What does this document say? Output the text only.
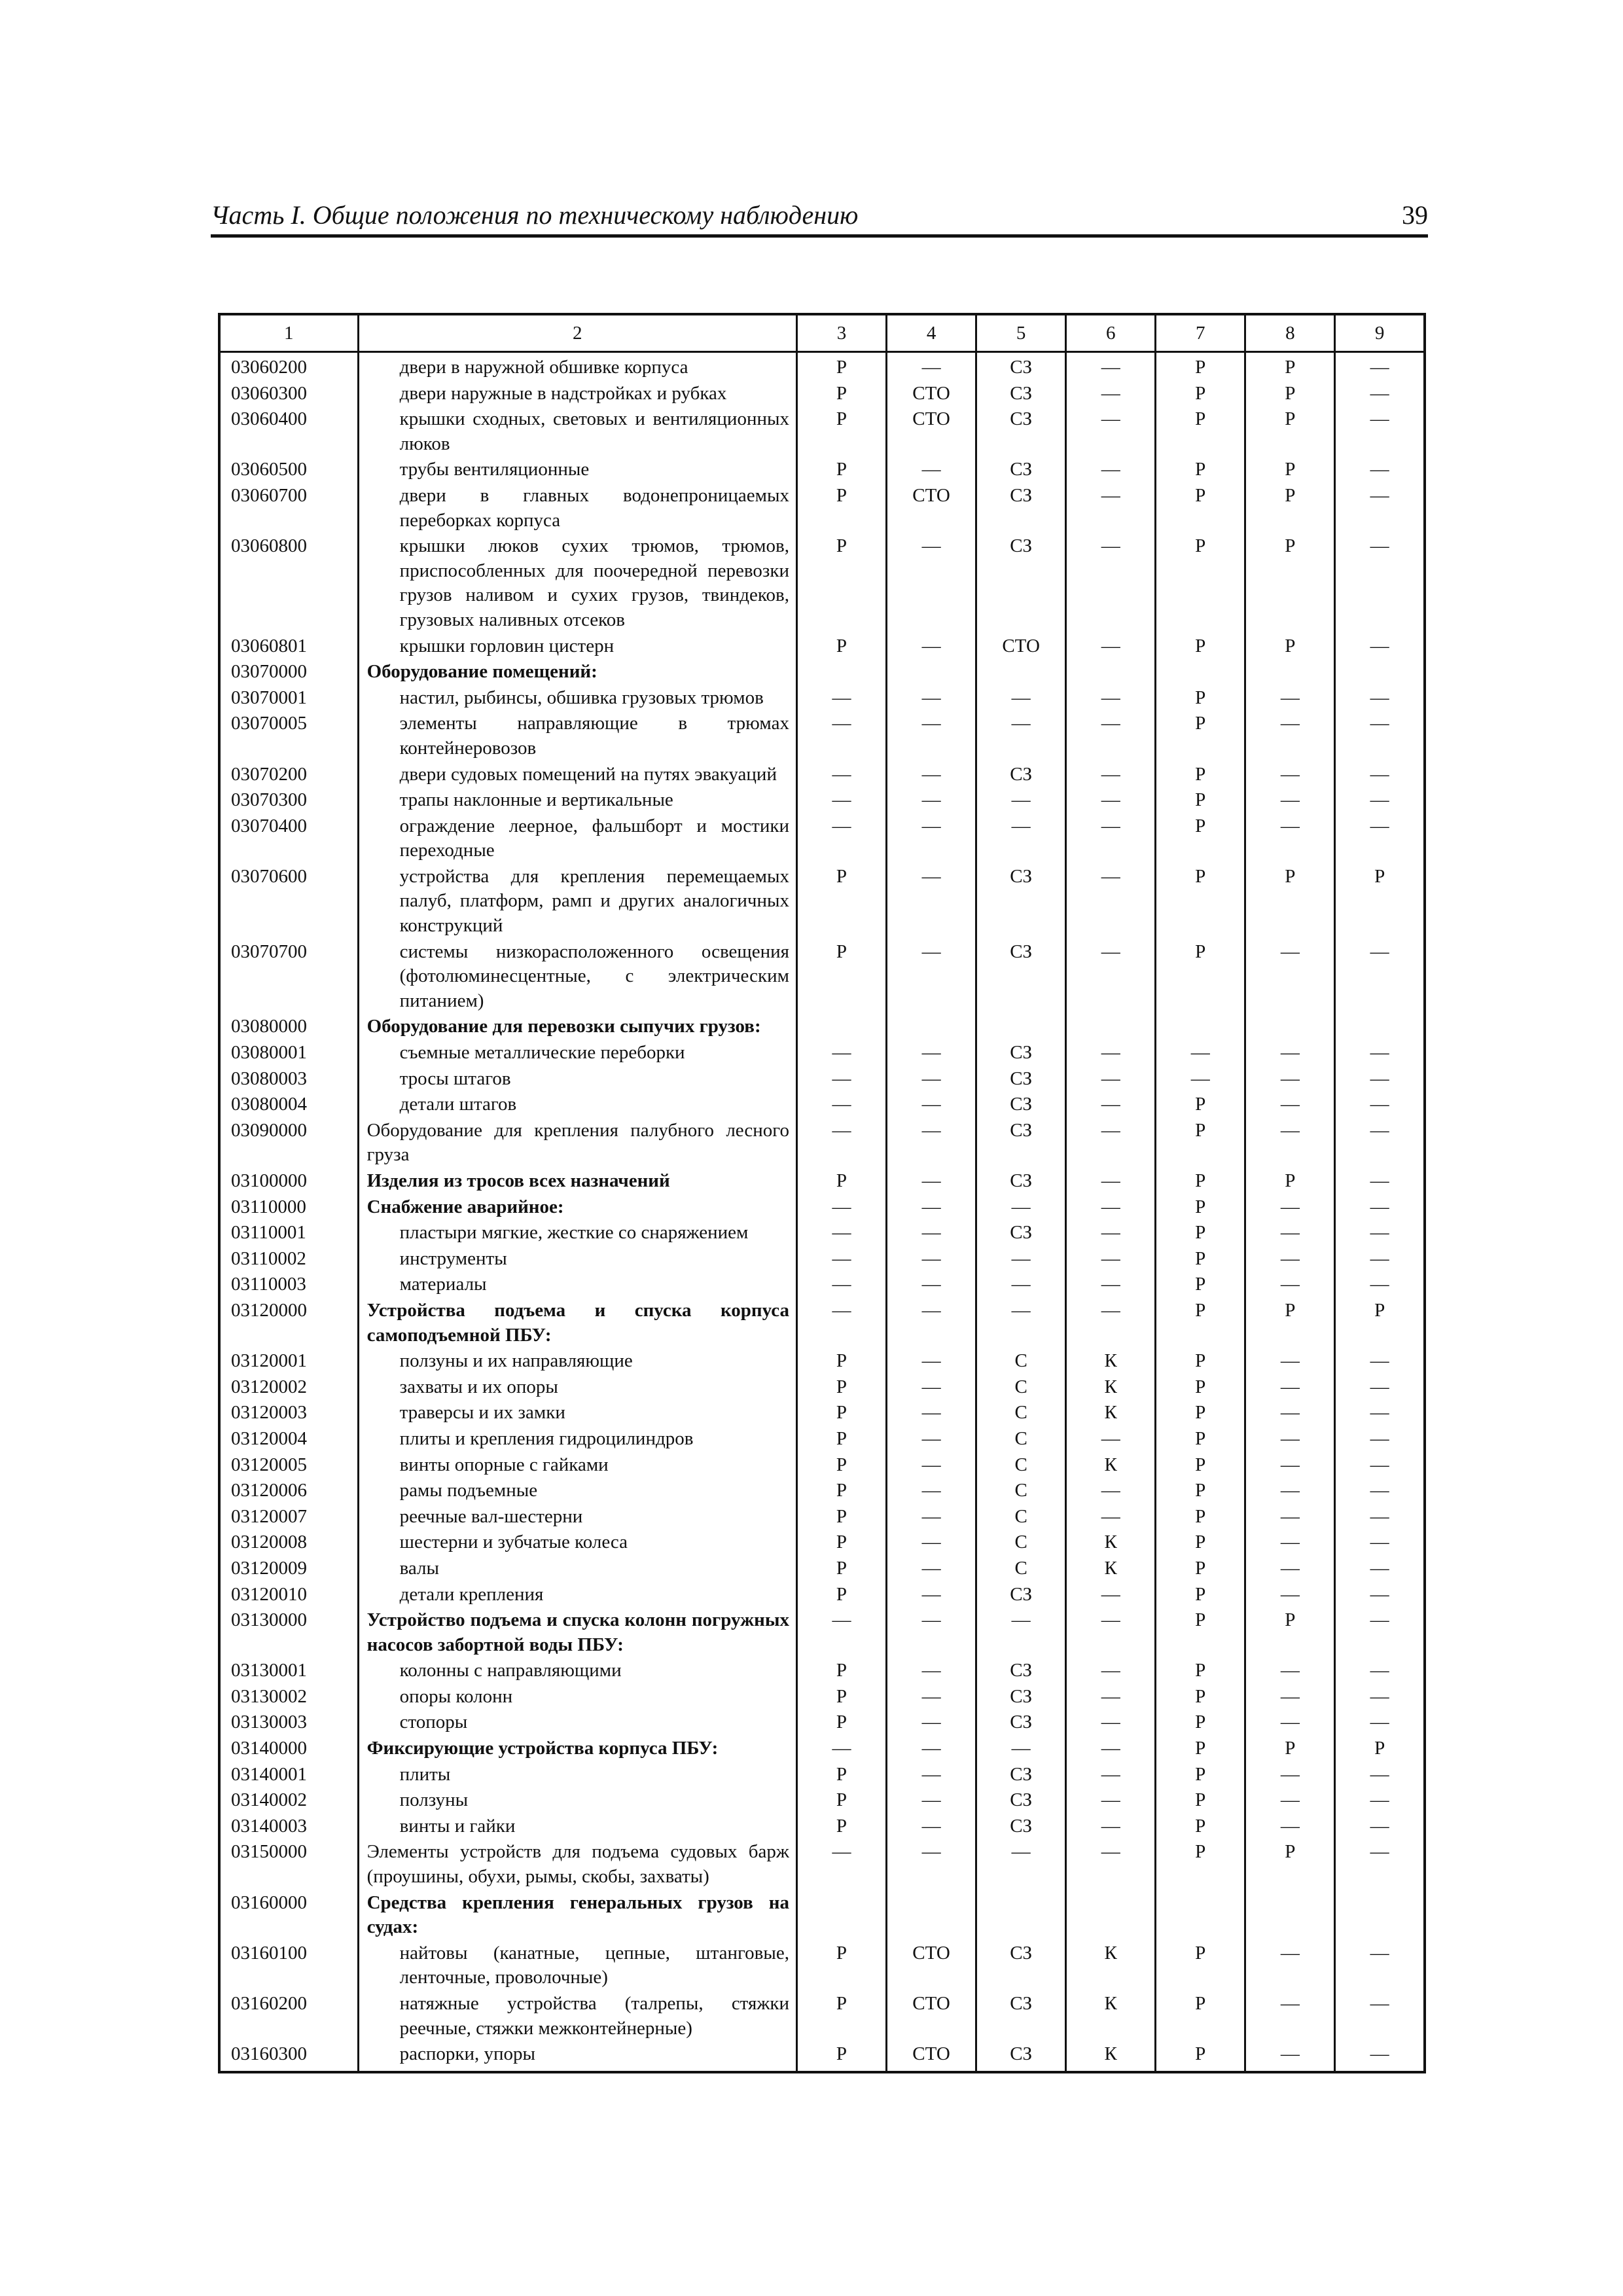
Часть I. Общие положения по техническому наблюдению	39
1	2	3	4	5	6	7	8	9
03060200	двери в наружной обшивке корпуса	Р	—	СЗ	—	Р	Р	—
03060300	двери наружные в надстройках и рубках	Р	СТО	СЗ	—	Р	Р	—
03060400	крышки сходных, световых и вентиляционных люков	Р	СТО	СЗ	—	Р	Р	—
03060500	трубы вентиляционные	Р	—	СЗ	—	Р	Р	—
03060700	двери в главных водонепроницаемых переборках корпуса	Р	СТО	СЗ	—	Р	Р	—
03060800	крышки люков сухих трюмов, трюмов, приспособленных для поочередной перевозки грузов наливом и сухих грузов, твиндеков, грузовых наливных отсеков	Р	—	СЗ	—	Р	Р	—
03060801	крышки горловин цистерн	Р	—	СТО	—	Р	Р	—
03070000	Оборудование помещений:							
03070001	настил, рыбинсы, обшивка грузовых трюмов	—	—	—	—	Р	—	—
03070005	элементы направляющие в трюмах контейнеровозов	—	—	—	—	Р	—	—
03070200	двери судовых помещений на путях эвакуаций	—	—	СЗ	—	Р	—	—
03070300	трапы наклонные и вертикальные	—	—	—	—	Р	—	—
03070400	ограждение леерное, фальшборт и мостики переходные	—	—	—	—	Р	—	—
03070600	устройства для крепления перемещаемых палуб, платформ, рамп и других аналогичных конструкций	Р	—	СЗ	—	Р	Р	Р
03070700	системы низкорасположенного освещения (фотолюминесцентные, с электрическим питанием)	Р	—	СЗ	—	Р	—	—
03080000	Оборудование для перевозки сыпучих грузов:							
03080001	съемные металлические переборки	—	—	СЗ	—	—	—	—
03080003	тросы штагов	—	—	СЗ	—	—	—	—
03080004	детали штагов	—	—	СЗ	—	Р	—	—
03090000	Оборудование для крепления палубного лесного груза	—	—	СЗ	—	Р	—	—
03100000	Изделия из тросов всех назначений	Р	—	СЗ	—	Р	Р	—
03110000	Снабжение аварийное:	—	—	—	—	Р	—	—
03110001	пластыри мягкие, жесткие со снаряжением	—	—	СЗ	—	Р	—	—
03110002	инструменты	—	—	—	—	Р	—	—
03110003	материалы	—	—	—	—	Р	—	—
03120000	Устройства подъема и спуска корпуса самоподъемной ПБУ:	—	—	—	—	Р	Р	Р
03120001	ползуны и их направляющие	Р	—	С	К	Р	—	—
03120002	захваты и их опоры	Р	—	С	К	Р	—	—
03120003	траверсы и их замки	Р	—	С	К	Р	—	—
03120004	плиты и крепления гидроцилиндров	Р	—	С	—	Р	—	—
03120005	винты опорные с гайками	Р	—	С	К	Р	—	—
03120006	рамы подъемные	Р	—	С	—	Р	—	—
03120007	реечные вал-шестерни	Р	—	С	—	Р	—	—
03120008	шестерни и зубчатые колеса	Р	—	С	К	Р	—	—
03120009	валы	Р	—	С	К	Р	—	—
03120010	детали крепления	Р	—	СЗ	—	Р	—	—
03130000	Устройство подъема и спуска колонн погружных насосов забортной воды ПБУ:	—	—	—	—	Р	Р	—
03130001	колонны с направляющими	Р	—	СЗ	—	Р	—	—
03130002	опоры колонн	Р	—	СЗ	—	Р	—	—
03130003	стопоры	Р	—	СЗ	—	Р	—	—
03140000	Фиксирующие устройства корпуса ПБУ:	—	—	—	—	Р	Р	Р
03140001	плиты	Р	—	СЗ	—	Р	—	—
03140002	ползуны	Р	—	СЗ	—	Р	—	—
03140003	винты и гайки	Р	—	СЗ	—	Р	—	—
03150000	Элементы устройств для подъема судовых барж (проушины, обухи, рымы, скобы, захваты)	—	—	—	—	Р	Р	—
03160000	Средства крепления генеральных грузов на судах:							
03160100	найтовы (канатные, цепные, штанговые, ленточные, проволочные)	Р	СТО	СЗ	К	Р	—	—
03160200	натяжные устройства (талрепы, стяжки реечные, стяжки межконтейнерные)	Р	СТО	СЗ	К	Р	—	—
03160300	распорки, упоры	Р	СТО	СЗ	К	Р	—	—
